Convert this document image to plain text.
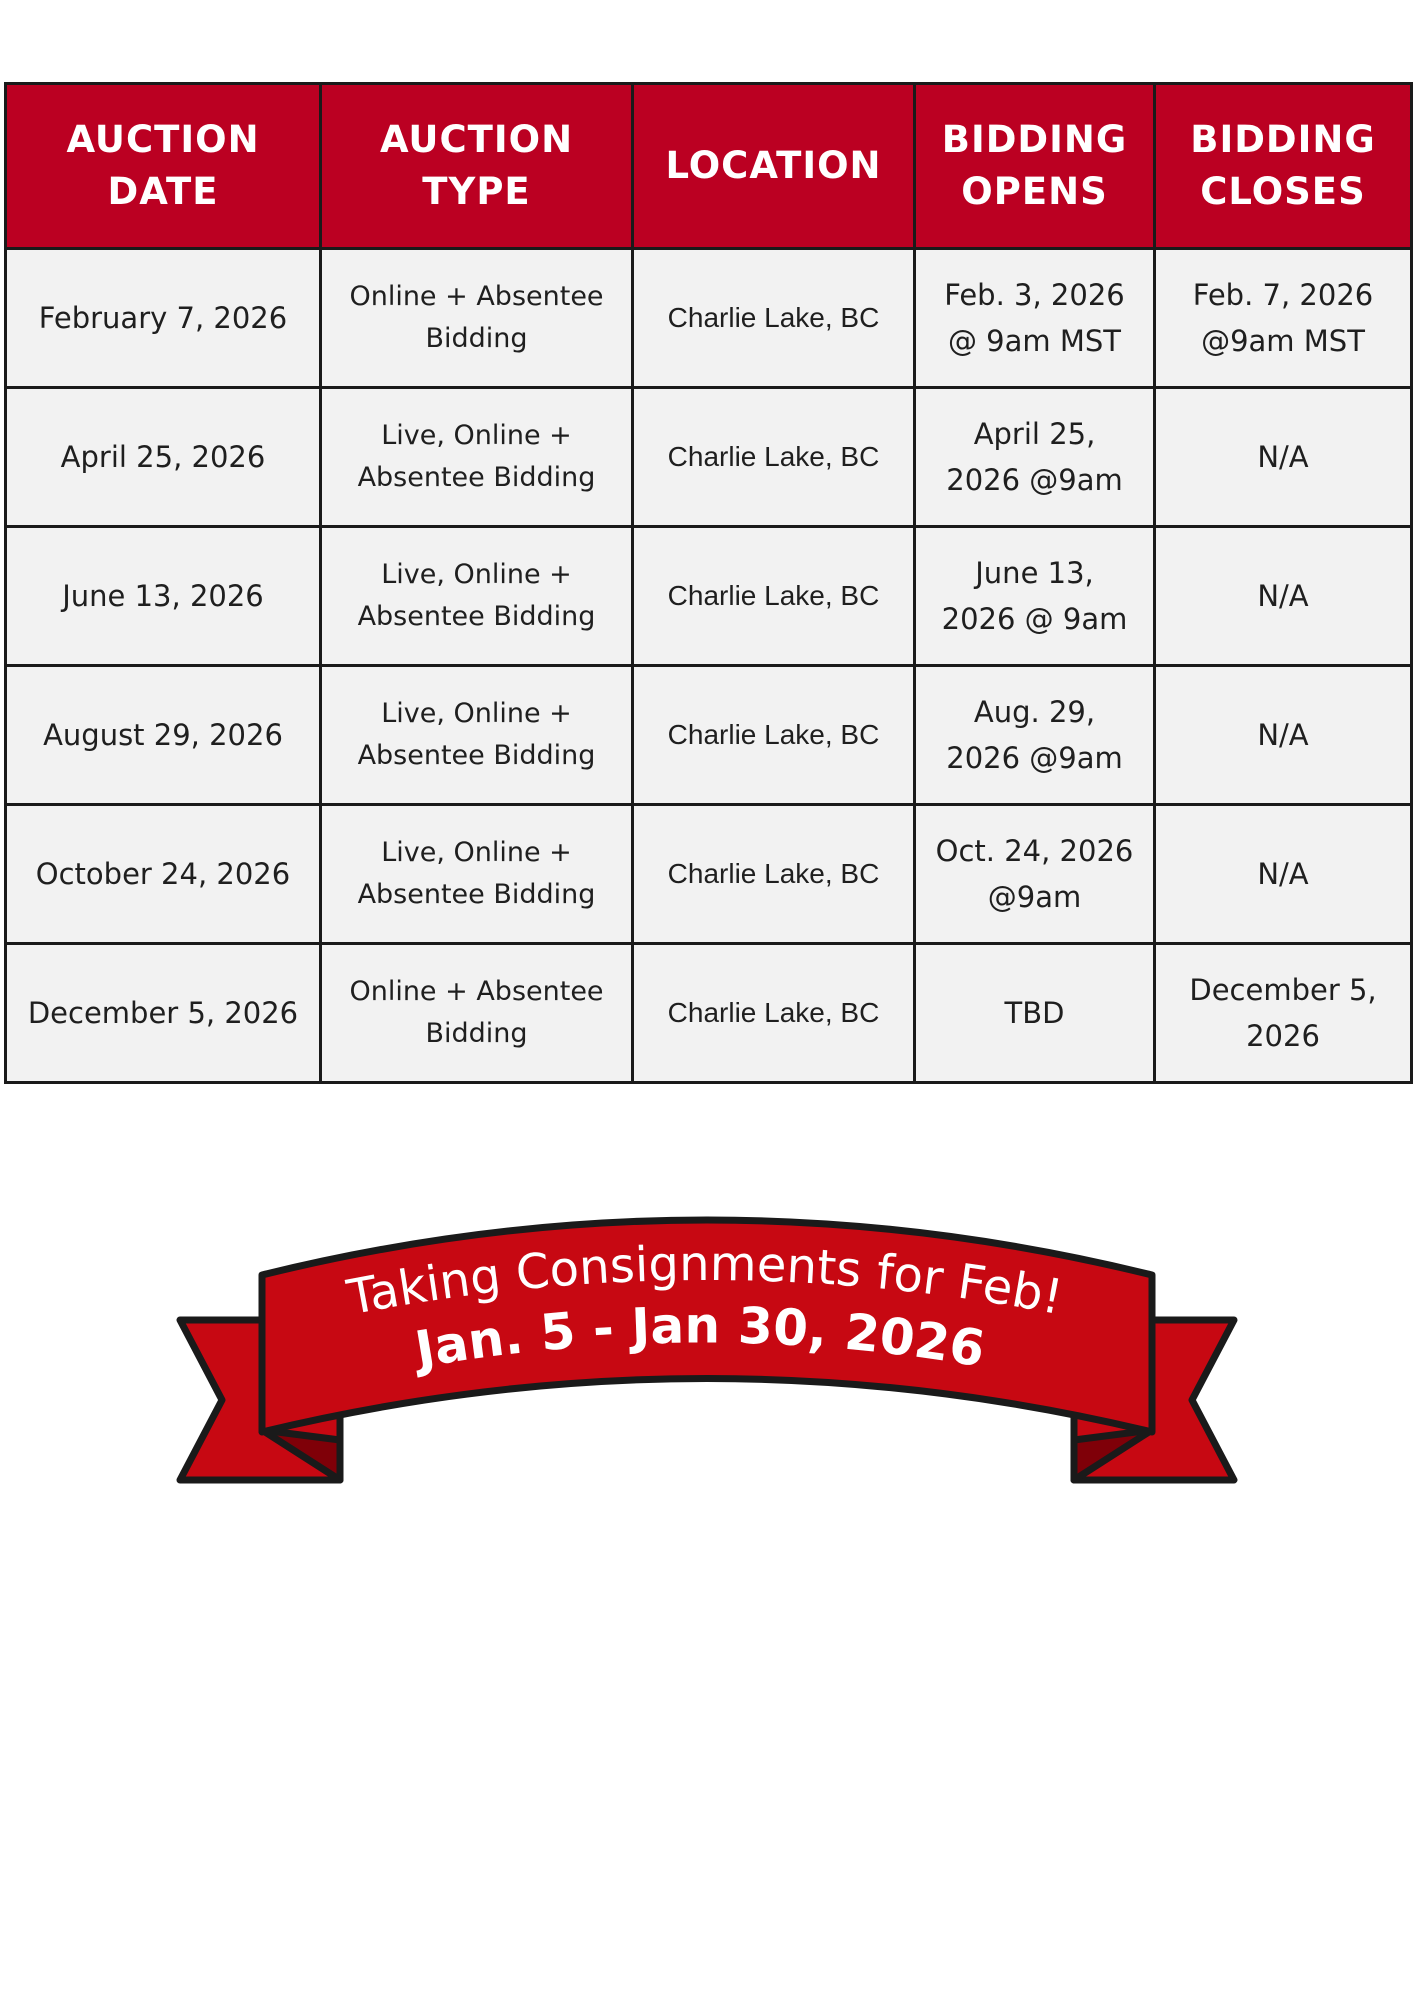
AUCTION DATE	AUCTION TYPE	LOCATION	BIDDING OPENS	BIDDING CLOSES
February 7, 2026	Online + Absentee Bidding	Charlie Lake, BC	Feb. 3, 2026 @ 9am MST	Feb. 7, 2026 @9am MST
April 25, 2026	Live, Online + Absentee Bidding	Charlie Lake, BC	April 25, 2026 @9am	N/A
June 13, 2026	Live, Online + Absentee Bidding	Charlie Lake, BC	June 13, 2026 @ 9am	N/A
August 29, 2026	Live, Online + Absentee Bidding	Charlie Lake, BC	Aug. 29, 2026 @9am	N/A
October 24, 2026	Live, Online + Absentee Bidding	Charlie Lake, BC	Oct. 24, 2026 @9am	N/A
December 5, 2026	Online + Absentee Bidding	Charlie Lake, BC	TBD	December 5, 2026
Taking Consignments for Feb!
Jan. 5 - Jan 30, 2026
